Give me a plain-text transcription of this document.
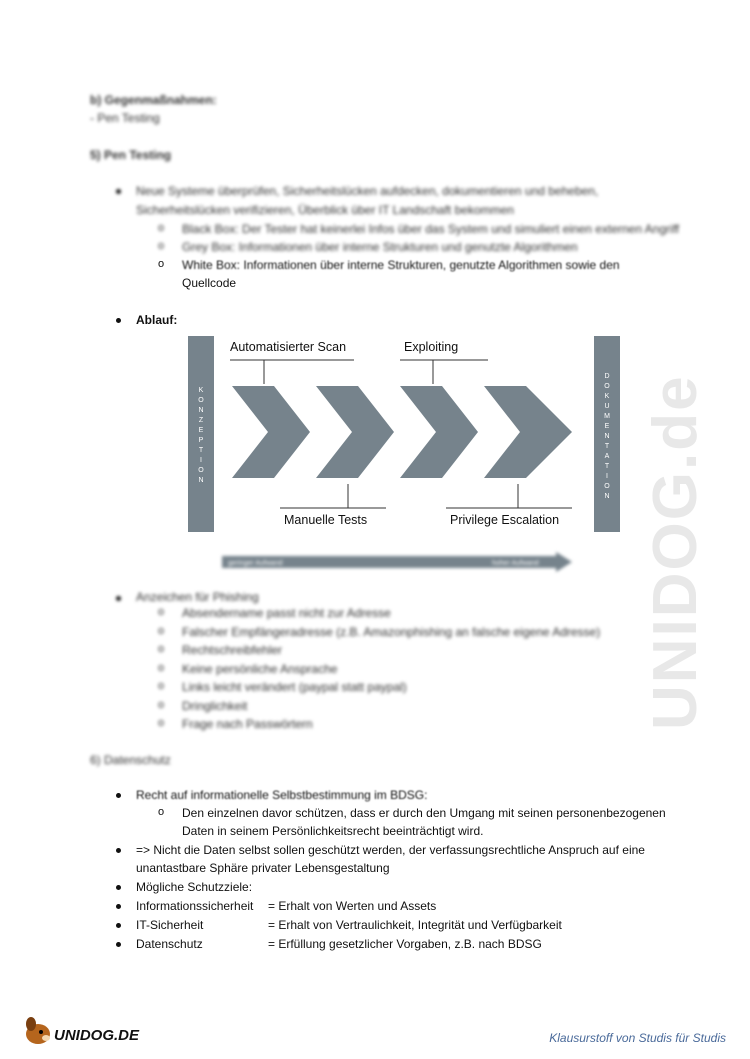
UNIDOG.de
b) Gegenmaßnahmen:
- Pen Testing
5) Pen Testing
Neue Systeme überprüfen, Sicherheitslücken aufdecken, dokumentieren und beheben,
Sicherheitslücken verifizieren, Überblick über IT Landschaft bekommen
o Black Box: Der Tester hat keinerlei Infos über das System und simuliert einen externen Angriff
o Grey Box: Informationen über interne Strukturen und genutzte Algorithmen
o White Box: Informationen über interne Strukturen, genutzte Algorithmen sowie den
Quellcode
Ablauf:
K
O
N
Z
E
P
T
I
O
N
D
O
K
U
M
E
N
T
A
T
I
O
N
Automatisierter Scan	Exploiting
Manuelle Tests	Privilege Escalation
geringer Aufwand	hoher Aufwand
Anzeichen für Phishing
o Absendername passt nicht zur Adresse
o Falscher Empfängeradresse (z.B. Amazonphishing an falsche eigene Adresse)
o Rechtschreibfehler
o Keine persönliche Ansprache
o Links leicht verändert (paypal statt paypal)
o Dringlichkeit
o Frage nach Passwörtern
6) Datenschutz
Recht auf informationelle Selbstbestimmung im BDSG:
o Den einzelnen davor schützen, dass er durch den Umgang mit seinen personenbezogenen
Daten in seinem Persönlichkeitsrecht beeinträchtigt wird.
=> Nicht die Daten selbst sollen geschützt werden, der verfassungsrechtliche Anspruch auf eine
unantastbare Sphäre privater Lebensgestaltung
Mögliche Schutzziele:
Informationssicherheit = Erhalt von Werten und Assets
IT-Sicherheit	= Erhalt von Vertraulichkeit, Integrität und Verfügbarkeit
Datenschutz	= Erfüllung gesetzlicher Vorgaben, z.B. nach BDSG
UNIDOG.DE	Klausurstoff von Studis für Studis
